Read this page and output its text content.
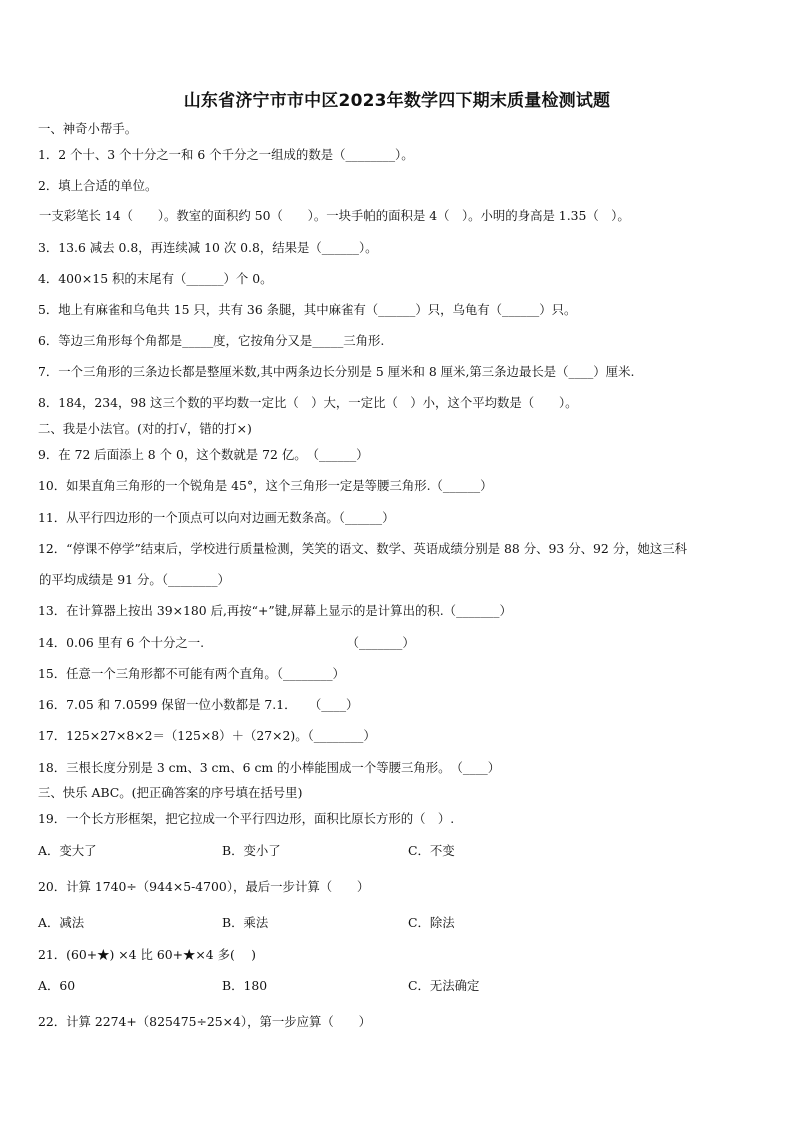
山东省济宁市市中区2023年数学四下期末质量检测试题
一、神奇小帮手。
1．2 个十、3 个十分之一和 6 个千分之一组成的数是（________）。
2．填上合适的单位。
一支彩笔长 14（　　）。教室的面积约 50（　　）。一块手帕的面积是 4（　）。小明的身高是 1.35（　）。
3．13.6 减去 0.8，再连续减 10 次 0.8，结果是（______）。
4．400×15 积的末尾有（______）个 0。
5．地上有麻雀和乌龟共 15 只，共有 36 条腿，其中麻雀有（______）只，乌龟有（______）只。
6．等边三角形每个角都是_____度，它按角分又是_____三角形.
7．一个三角形的三条边长都是整厘米数,其中两条边长分别是 5 厘米和 8 厘米,第三条边最长是（____）厘米.
8．184，234，98 这三个数的平均数一定比（　）大，一定比（　）小，这个平均数是（　　）。
二、我是小法官。(对的打√，错的打×)
9．在 72 后面添上 8 个 0，这个数就是 72 亿。　（______）
10．如果直角三角形的一个锐角是 45°，这个三角形一定是等腰三角形.（______）
11．从平行四边形的一个顶点可以向对边画无数条高。（______）
12．“停课不停学”结束后，学校进行质量检测，笑笑的语文、数学、英语成绩分别是 88 分、93 分、92 分，她这三科
的平均成绩是 91 分。（________）
13．在计算器上按出 39×180 后,再按“+”键,屏幕上显示的是计算出的积.（_______）
14．0.06 里有 6 个十分之一.　　　　　　　　　　　　（_______）
15．任意一个三角形都不可能有两个直角。（________）
16．7.05 和 7.0599 保留一位小数都是 7.1．　　（____）
17．125×27×8×2＝（125×8）＋（27×2)。（________）
18．三根长度分别是 3 cm、3 cm、6 cm 的小棒能围成一个等腰三角形。　（____）
三、快乐 ABC。(把正确答案的序号填在括号里)
19．一个长方形框架，把它拉成一个平行四边形，面积比原长方形的（　）.
A．变大了	B．变小了	C．不变
20．计算 1740÷（944×5-4700），最后一步计算（　　）
A．减法	B．乘法	C．除法
21．(60+★) ×4 比 60+★×4 多(　 )
A．60	B．180	C．无法确定
22．计算 2274+（825475÷25×4），第一步应算（　　）
